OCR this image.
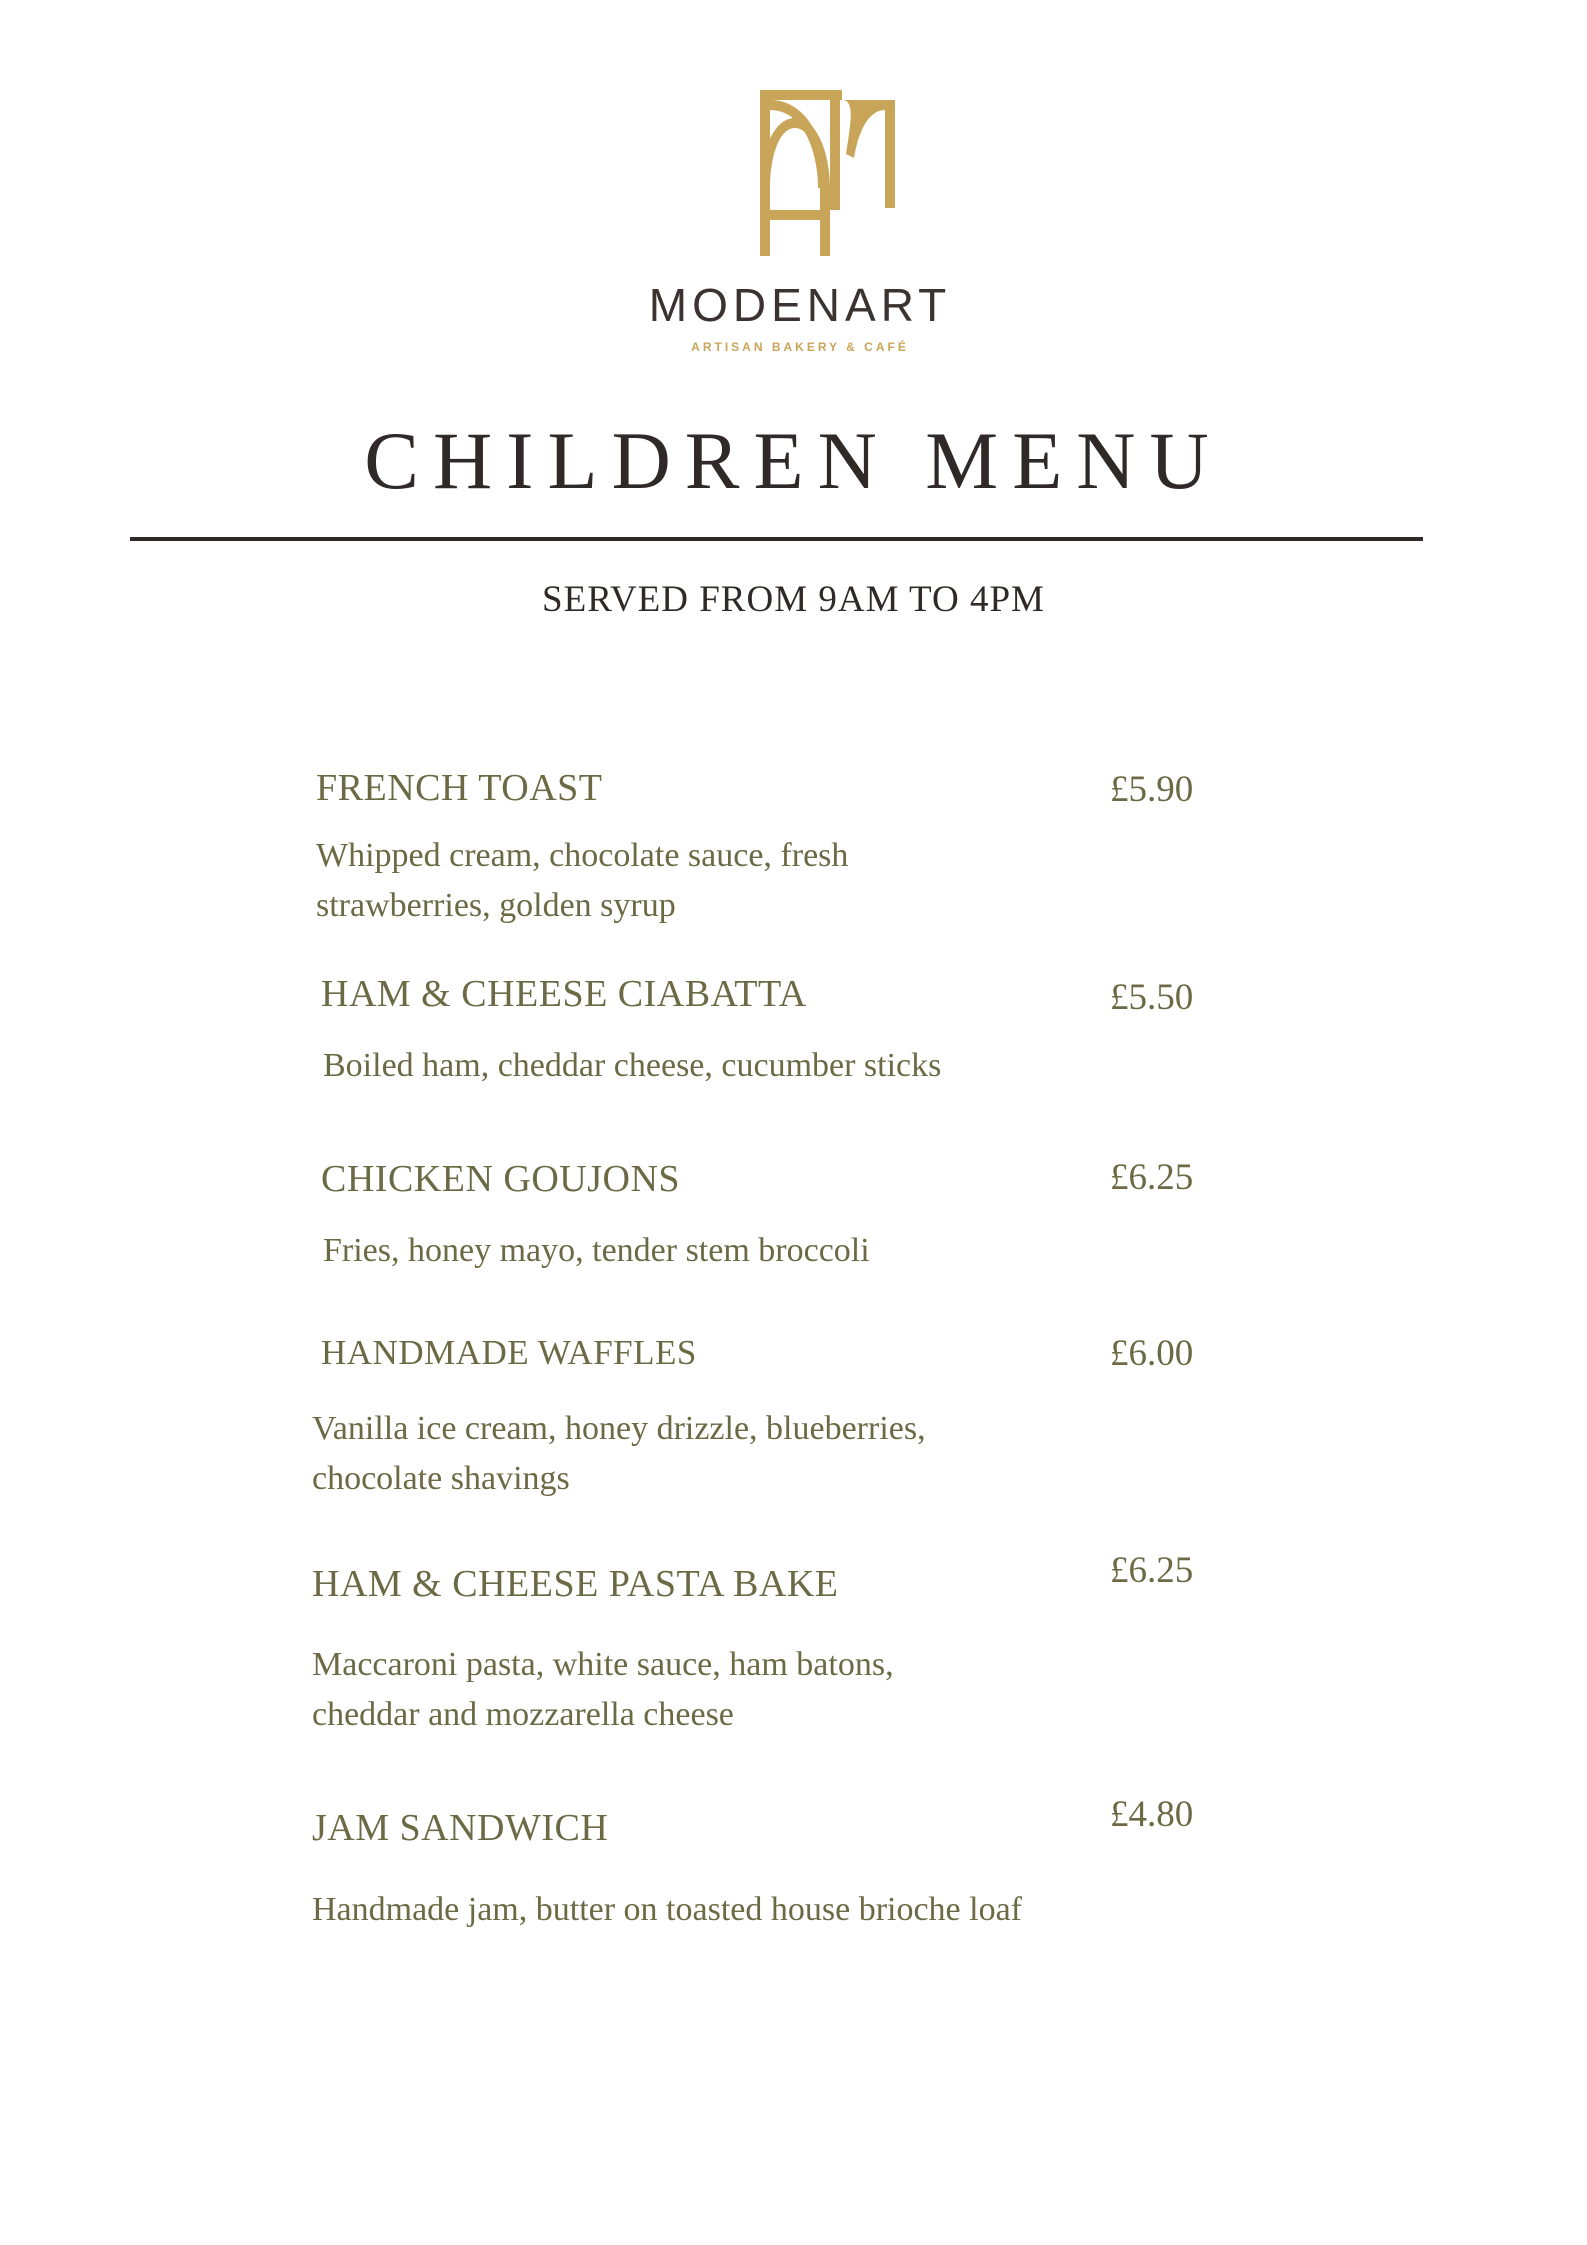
MODENART
ARTISAN BAKERY & CAFÉ
CHILDREN MENU
SERVED FROM 9AM TO 4PM
FRENCH TOAST	£5.90
Whipped cream, chocolate sauce, fresh
strawberries, golden syrup
HAM & CHEESE CIABATTA	£5.50
Boiled ham, cheddar cheese, cucumber sticks
CHICKEN GOUJONS	£6.25
Fries, honey mayo, tender stem broccoli
HANDMADE WAFFLES	£6.00
Vanilla ice cream, honey drizzle, blueberries,
chocolate shavings
HAM & CHEESE PASTA BAKE	£6.25
Maccaroni pasta, white sauce, ham batons,
cheddar and mozzarella cheese
JAM SANDWICH	£4.80
Handmade jam, butter on toasted house brioche loaf
